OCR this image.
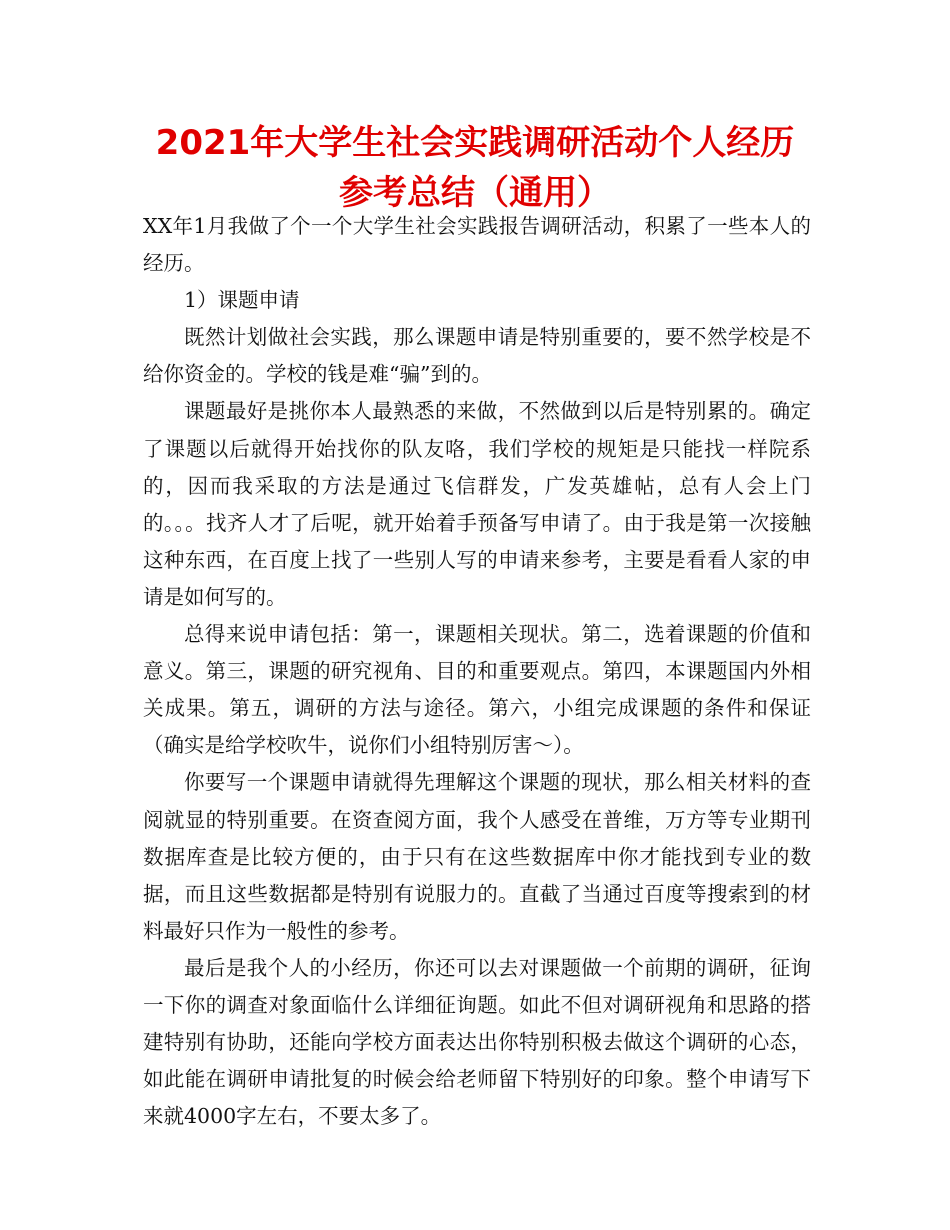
2021年大学生社会实践调研活动个人经历参考总结（通用）

XX年1月我做了个一个大学生社会实践报告调研活动，积累了一些本人的经历。

1）课题申请

既然计划做社会实践，那么课题申请是特别重要的，要不然学校是不给你资金的。学校的钱是难“骗”到的。

课题最好是挑你本人最熟悉的来做，不然做到以后是特别累的。确定了课题以后就得开始找你的队友咯，我们学校的规矩是只能找一样院系的，因而我采取的方法是通过飞信群发，广发英雄帖，总有人会上门的。。。找齐人才了后呢，就开始着手预备写申请了。由于我是第一次接触这种东西，在百度上找了一些别人写的申请来参考，主要是看看人家的申请是如何写的。

总得来说申请包括：第一，课题相关现状。第二，选着课题的价值和意义。第三，课题的研究视角、目的和重要观点。第四，本课题国内外相关成果。第五，调研的方法与途径。第六，小组完成课题的条件和保证（确实是给学校吹牛，说你们小组特别厉害～）。

你要写一个课题申请就得先理解这个课题的现状，那么相关材料的查阅就显的特别重要。在资查阅方面，我个人感受在普维，万方等专业期刊数据库查是比较方便的，由于只有在这些数据库中你才能找到专业的数据，而且这些数据都是特别有说服力的。直截了当通过百度等搜索到的材料最好只作为一般性的参考。

最后是我个人的小经历，你还可以去对课题做一个前期的调研，征询一下你的调查对象面临什么详细征询题。如此不但对调研视角和思路的搭建特别有协助，还能向学校方面表达出你特别积极去做这个调研的心态，如此能在调研申请批复的时候会给老师留下特别好的印象。整个申请写下来就4000字左右，不要太多了。
